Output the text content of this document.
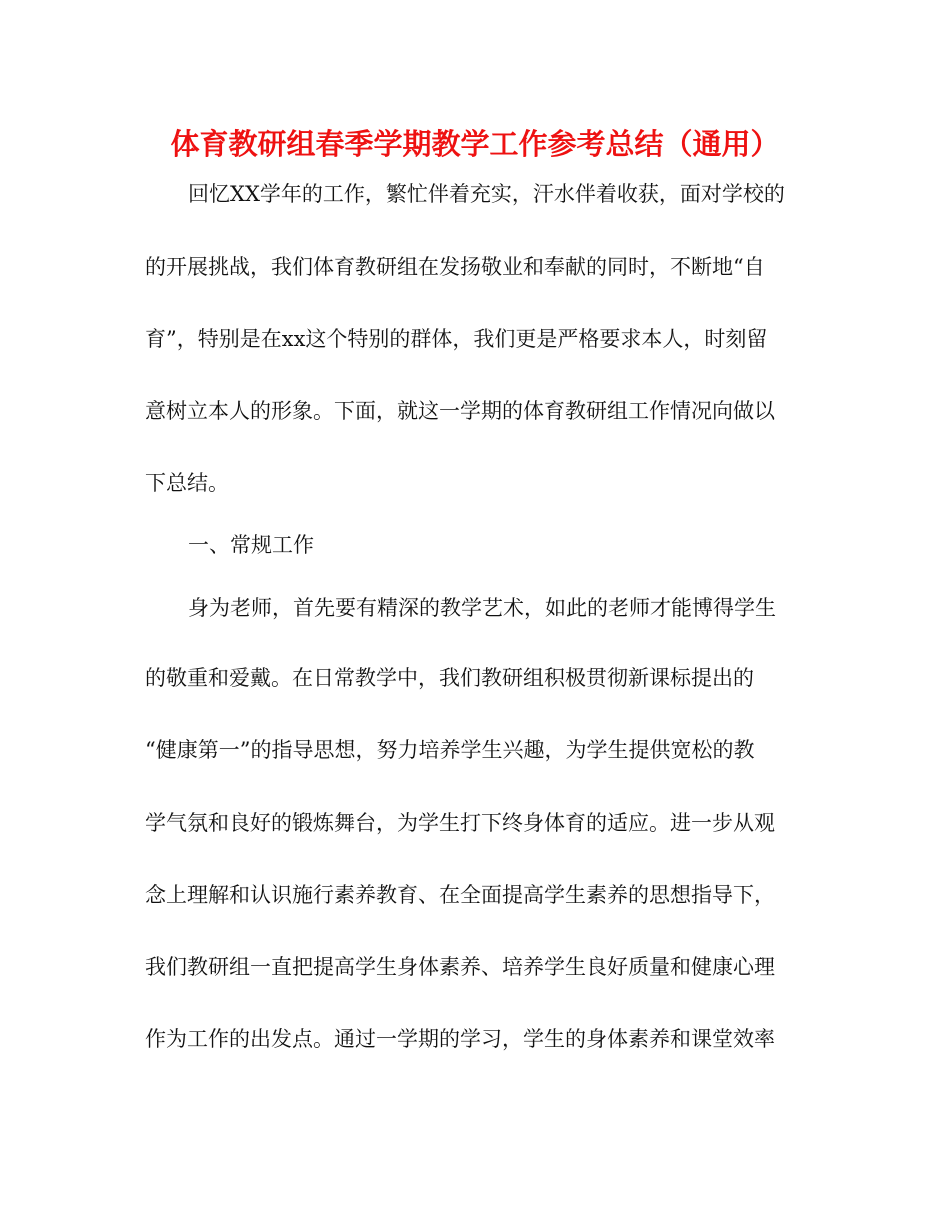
体育教研组春季学期教学工作参考总结（通用）
回忆XX学年的工作，繁忙伴着充实，汗水伴着收获，面对学校的
的开展挑战，我们体育教研组在发扬敬业和奉献的同时，不断地“自
育”，特别是在xx这个特别的群体，我们更是严格要求本人，时刻留
意树立本人的形象。下面，就这一学期的体育教研组工作情况向做以
下总结。
一、常规工作
身为老师，首先要有精深的教学艺术，如此的老师才能博得学生
的敬重和爱戴。在日常教学中，我们教研组积极贯彻新课标提出的
“健康第一”的指导思想，努力培养学生兴趣，为学生提供宽松的教
学气氛和良好的锻炼舞台，为学生打下终身体育的适应。进一步从观
念上理解和认识施行素养教育、在全面提高学生素养的思想指导下，
我们教研组一直把提高学生身体素养、培养学生良好质量和健康心理
作为工作的出发点。通过一学期的学习，学生的身体素养和课堂效率
